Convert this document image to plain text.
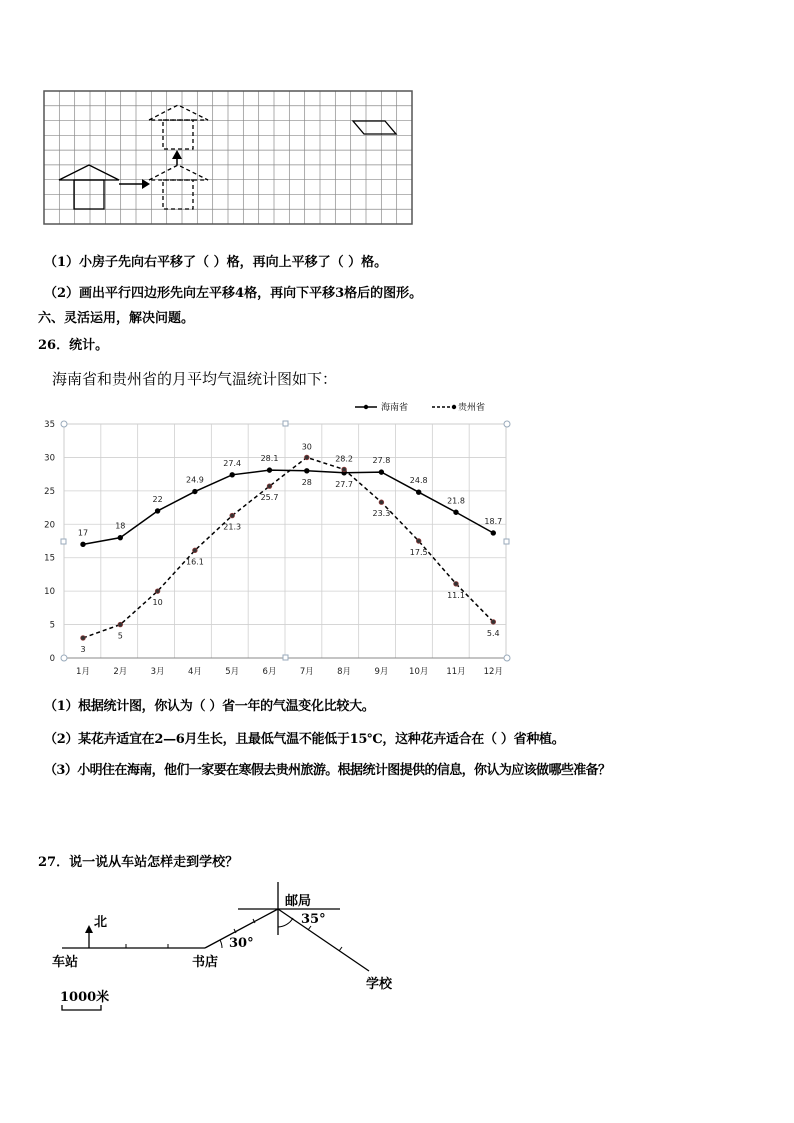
（1）小房子先向右平移了（ ）格，再向上平移了（ ）格。
（2）画出平行四边形先向左平移4格，再向下平移3格后的图形。
六、灵活运用，解决问题。
26．统计。
海南省和贵州省的月平均气温统计图如下：
0
5
10
15
20
25
30
35
1月	2月	3月	4月	5月	6月	7月	8月	9月 10月 11月 12月
17
18
22
24.9
27.4
28.1
28	27.7
27.8
24.8
21.8
18.7
3
5
10
16.1
21.3
25.7
30
28.2
23.3
17.5
11.1
5.4
海南省	贵州省
（1）根据统计图，你认为（ ）省一年的气温变化比较大。
（2）某花卉适宜在2—6月生长，且最低气温不能低于15℃，这种花卉适合在（ ）省种植。
（3）小明住在海南，他们一家要在寒假去贵州旅游。根据统计图提供的信息，你认为应该做哪些准备？
27．说一说从车站怎样走到学校？
北
车站	书店
30°
邮局
35°
学校
1000米
